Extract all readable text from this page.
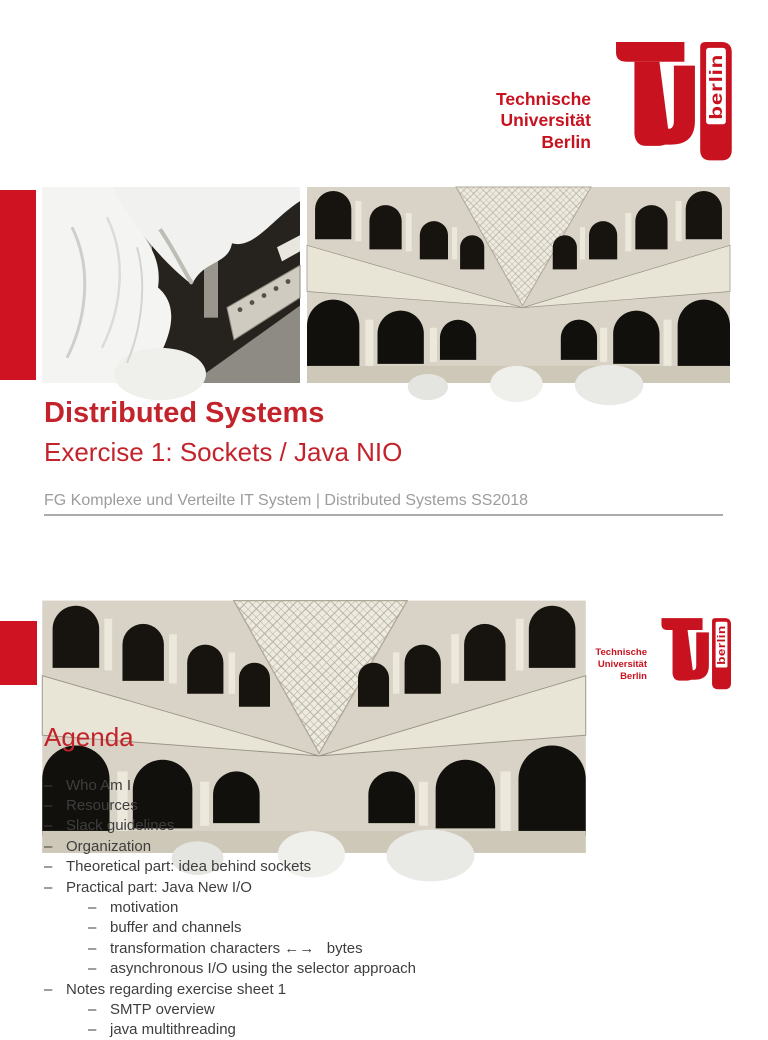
Technische
Universität
Berlin
berlin
Distributed Systems
Exercise 1: Sockets / Java NIO
FG Komplexe und Verteilte IT System | Distributed Systems SS2018
Technische
Universität
Berlin
berlin
Agenda
– Who Am I
– Resources
– Slack guidelines
– Organization
– Theoretical part: idea behind sockets
– Practical part: Java New I/O
– motivation
– buffer and channels
– transformation characters ←→   bytes
– asynchronous I/O using the selector approach
– Notes regarding exercise sheet 1
– SMTP overview
– java multithreading
